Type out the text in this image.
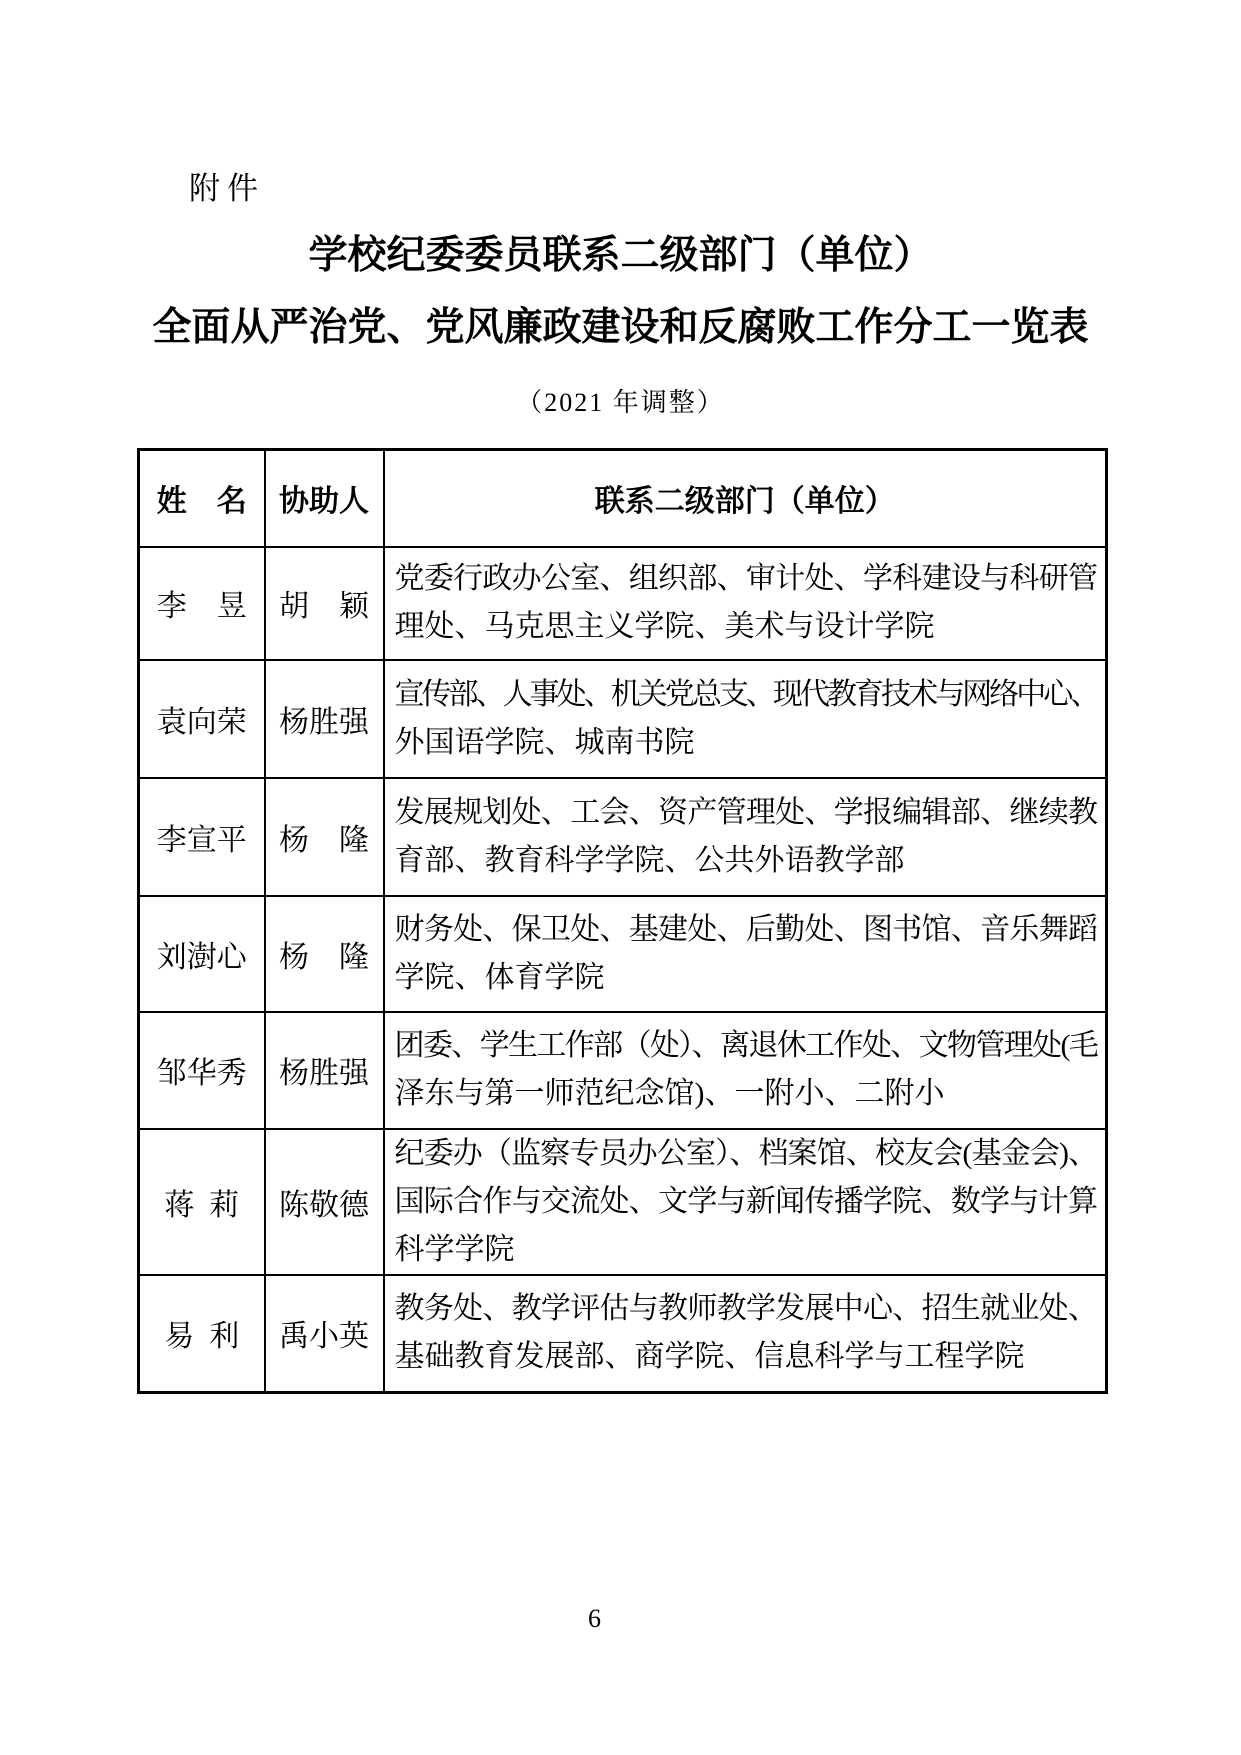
附件
学校纪委委员联系二级部门（单位）
全面从严治党、党风廉政建设和反腐败工作分工一览表
（2021 年调整）
姓　名	协助人	联系二级部门（单位）
李　昱	胡　颖	党委行政办公室、组织部、审计处、学科建设与科研管
理处、马克思主义学院、美术与设计学院

袁向荣	杨胜强	宣传部、人事处、机关党总支、现代教育技术与网络中心、
外国语学院、城南书院

李宣平	杨　隆	发展规划处、工会、资产管理处、学报编辑部、继续教
育部、教育科学学院、公共外语教学部

刘澍心	杨　隆	财务处、保卫处、基建处、后勤处、图书馆、音乐舞蹈
学院、体育学院

邹华秀	杨胜强	团委、学生工作部（处）、离退休工作处、文物管理处(毛
泽东与第一师范纪念馆)、一附小、二附小

蒋 莉	陈敬德	纪委办（监察专员办公室）、档案馆、校友会(基金会)、
国际合作与交流处、文学与新闻传播学院、数学与计算
科学学院

易 利	禹小英	教务处、教学评估与教师教学发展中心、招生就业处、
基础教育发展部、商学院、信息科学与工程学院
6
